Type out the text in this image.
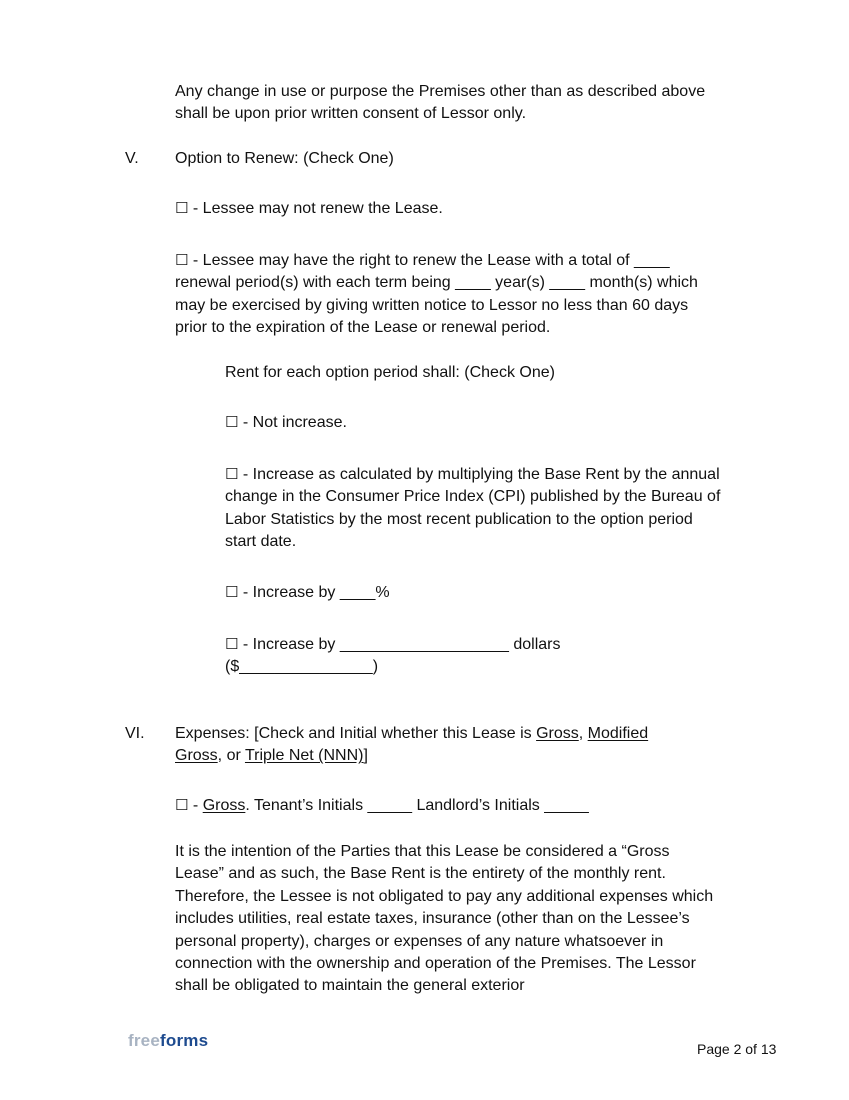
Any change in use or purpose the Premises other than as described above shall be upon prior written consent of Lessor only.
V. Option to Renew: (Check One)
☐ - Lessee may not renew the Lease.
☐ - Lessee may have the right to renew the Lease with a total of ____ renewal period(s) with each term being ____ year(s) ____ month(s) which may be exercised by giving written notice to Lessor no less than 60 days prior to the expiration of the Lease or renewal period.
Rent for each option period shall: (Check One)
☐ - Not increase.
☐ - Increase as calculated by multiplying the Base Rent by the annual change in the Consumer Price Index (CPI) published by the Bureau of Labor Statistics by the most recent publication to the option period start date.
☐ - Increase by ____%
☐ - Increase by ___________________ dollars
($_______________)
VI. Expenses: [Check and Initial whether this Lease is Gross, Modified Gross, or Triple Net (NNN)]
☐ - Gross. Tenant’s Initials _____ Landlord’s Initials _____
It is the intention of the Parties that this Lease be considered a “Gross Lease” and as such, the Base Rent is the entirety of the monthly rent. Therefore, the Lessee is not obligated to pay any additional expenses which includes utilities, real estate taxes, insurance (other than on the Lessee’s personal property), charges or expenses of any nature whatsoever in connection with the ownership and operation of the Premises. The Lessor shall be obligated to maintain the general exterior
freeforms	Page 2 of 13
